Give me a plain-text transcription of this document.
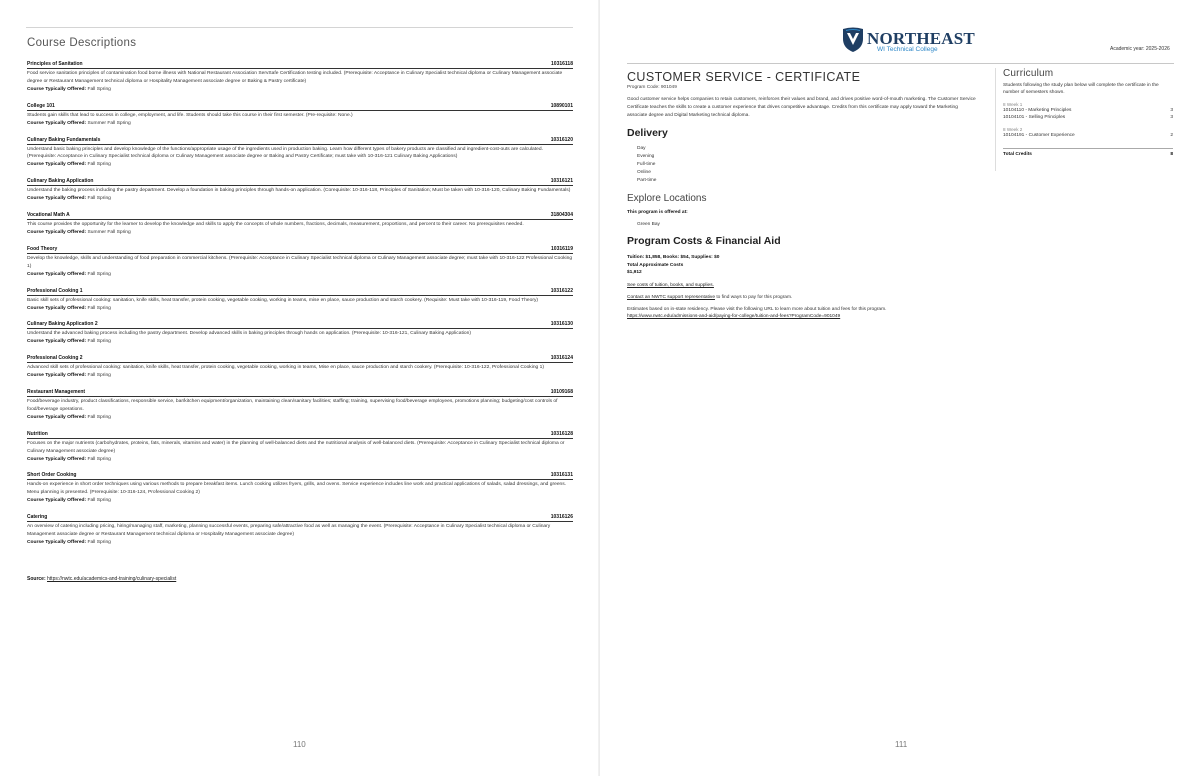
Course Descriptions
Principles of Sanitation	10316118
Food service sanitation principles of contamination food borne illness with National Restaurant Association ServSafe Certification testing included. (Prerequisite: Acceptance in Culinary Specialist technical diploma or Culinary Management associate degree or Restaurant Management technical diploma or Hospitality Management associate degree or Baking & Pastry certificate)
Course Typically Offered: Fall Spring
College 101	10890101
Students gain skills that lead to success in college, employment, and life. Students should take this course in their first semester. (Pre-requisite: None.)
Course Typically Offered: Summer Fall Spring
Culinary Baking Fundamentals	10316120
Understand basic baking principles and develop knowledge of the functions/appropriate usage of the ingredients used in production baking. Learn how different types of bakery products are classified and ingredient-cost-outs are calculated. (Prerequisite: Acceptance in Culinary Specialist technical diploma or Culinary Management associate degree or Baking and Pastry Certificate; must take with 10-316-121 Culinary Baking Applications)
Course Typically Offered: Fall Spring
Culinary Baking Application	10316121
Understand the baking process including the pastry department. Develop a foundation in baking principles through hands-on application. (Corequisite: 10-316-118, Principles of Sanitation; Must be taken with 10-316-120, Culinary Baking Fundamentals)
Course Typically Offered: Fall Spring
Vocational Math A	31804304
This course provides the opportunity for the learner to develop the knowledge and skills to apply the concepts of whole numbers, fractions, decimals, measurement, proportions, and percent to their career. No prerequisites needed.
Course Typically Offered: Summer Fall Spring
Food Theory	10316119
Develop the knowledge, skills and understanding of food preparation in commercial kitchens. (Prerequisite: Acceptance in Culinary Specialist technical diploma or Culinary Management associate degree; must take with 10-316-122 Professional Cooking 1)
Course Typically Offered: Fall Spring
Professional Cooking 1	10316122
Basic skill sets of professional cooking: sanitation, knife skills, heat transfer, protein cooking, vegetable cooking, working in teams, mise en place, sauce production and starch cookery. (Requisite: Must take with 10-316-119, Food Theory)
Course Typically Offered: Fall Spring
Culinary Baking Application 2	10316130
Understand the advanced baking process including the pastry department. Develop advanced skills in baking principles through hands on application. (Prerequisite: 10-316-121, Culinary Baking Application)
Course Typically Offered: Fall Spring
Professional Cooking 2	10316124
Advanced skill sets of professional cooking: sanitation, knife skills, heat transfer, protein cooking, vegetable cooking, working in teams, Mise en place, sauce production and starch cookery. (Prerequisite: 10-316-122, Professional Cooking 1)
Course Typically Offered: Fall Spring
Restaurant Management	10109168
Food/beverage industry, product classifications, responsible service, bar/kitchen equipment/organization, maintaining clean/sanitary facilities; staffing; training, supervising food/beverage employees, promotions planning; budgeting/cost controls of food/beverage operations.
Course Typically Offered: Fall Spring
Nutrition	10316128
Focuses on the major nutrients (carbohydrates, proteins, fats, minerals, vitamins and water) in the planning of well-balanced diets and the nutritional analysis of well-balanced diets. (Prerequisite: Acceptance in Culinary Specialist technical diploma or Culinary Management associate degree)
Course Typically Offered: Fall Spring
Short Order Cooking	10316131
Hands-on experience in short order techniques using various methods to prepare breakfast items. Lunch cooking utilizes fryers, grills, and ovens. Service experience includes line work and practical applications of salads, salad dressings, and greens. Menu planning is presented. (Prerequisite: 10-316-124, Professional Cooking 2)
Course Typically Offered: Fall Spring
Catering	10316126
An overview of catering including pricing, hiring/managing staff, marketing, planning successful events, preparing safe/attractive food as well as managing the event. (Prerequisite: Acceptance in Culinary Specialist technical diploma or Culinary Management associate degree or Restaurant Management technical diploma or Hospitality Management associate degree)
Course Typically Offered: Fall Spring
Source: https://nwtc.edu/academics-and-training/culinary-specialist
110
NORTHEAST
WI Technical College	Academic year: 2025-2026
CUSTOMER SERVICE - CERTIFICATE
Program Code: 901049
Good customer service helps companies to retain customers, reinforces their values and brand, and drives positive word-of-mouth marketing. The Customer Service Certificate teaches the skills to create a customer experience that drives competitive advantage. Credits from this certificate may apply toward the Marketing associate degree and Digital Marketing technical diploma.
Delivery
Day
Evening
Full-time
Online
Part-time
Explore Locations
This program is offered at:
Green Bay
Program Costs & Financial Aid
Tuition: $1,858, Books: $54, Supplies: $0
Total Approximate Costs
$1,912
See costs of tuition, books, and supplies.
Contact an NWTC support representative to find ways to pay for this program.
Estimates based on in-state residency. Please visit the following URL to learn more about tuition and fees for this program.
https://www.nwtc.edu/admissions-and-aid/paying-for-college/tuition-and-fees?ProgramCode=901049
Curriculum
Students following the study plan below will complete the certificate in the number of semesters shown.
8 Week 1
10104110 - Marketing Principles	3
10104101 - Selling Principles	3
8 Week 2
10104191 - Customer Experience	2
Total Credits	8
111
